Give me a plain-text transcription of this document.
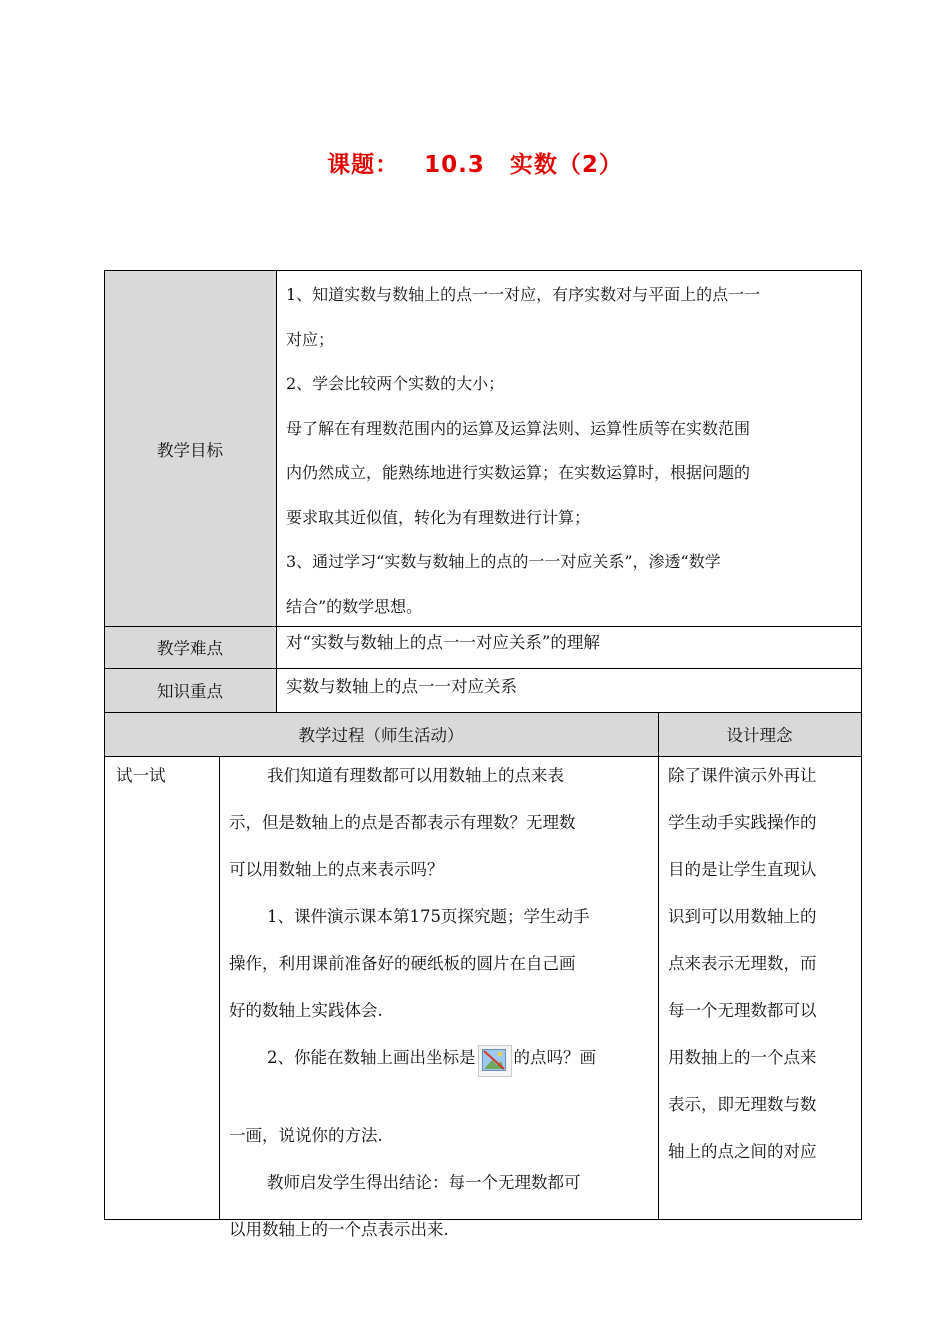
课题： 10.3 实数（2）
教学目标
教学难点
知识重点
教学过程（师生活动）	设计理念

1、知道实数与数轴上的点一一对应，有序实数对与平面上的点一一

对应；

2、学会比较两个实数的大小；

母了解在有理数范围内的运算及运算法则、运算性质等在实数范围

内仍然成立，能熟练地进行实数运算；在实数运算时，根据问题的

要求取其近似值，转化为有理数进行计算；

3、通过学习“实数与数轴上的点的一一对应关系”，渗透“数学

结合”的数学思想。

对“实数与数轴上的点一一对应关系”的理解
实数与数轴上的点一一对应关系
试一试	我们知道有理数都可以用数轴上的点来表

示，但是数轴上的点是否都表示有理数？无理数

可以用数轴上的点来表示吗？

1、课件演示课本第175页探究题；学生动手

操作，利用课前准备好的硬纸板的圆片在自己画

好的数轴上实践体会.

2、你能在数轴上画出坐标是 的点吗？画

一画，说说你的方法.

教师启发学生得出结论：每一个无理数都可

以用数轴上的一个点表示出来.

除了课件演示外再让

学生动手实践操作的

目的是让学生直现认

识到可以用数轴上的

点来表示无理数，而

每一个无理数都可以

用数抽上的一个点来

表示，即无理数与数

轴上的点之间的对应
